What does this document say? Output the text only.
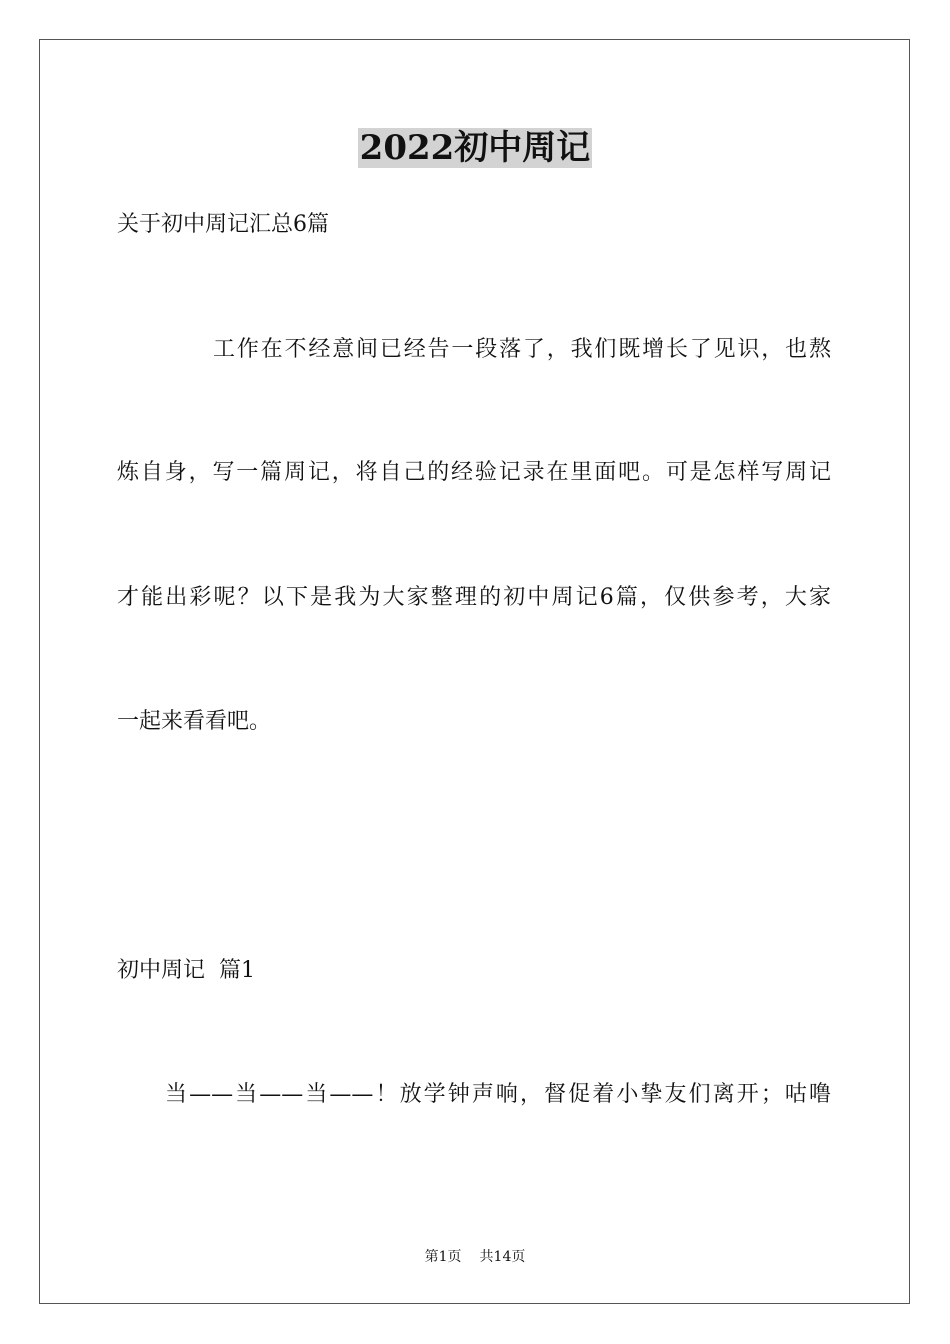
2022初中周记
关于初中周记汇总6篇
工作在不经意间已经告一段落了，我们既增长了见识，也熬
炼自身，写一篇周记，将自己的经验记录在里面吧。可是怎样写周记
才能出彩呢？以下是我为大家整理的初中周记6篇，仅供参考，大家
一起来看看吧。
初中周记  篇1
当——当——当——！放学钟声响，督促着小挚友们离开；咕噜
第1页 共14页
